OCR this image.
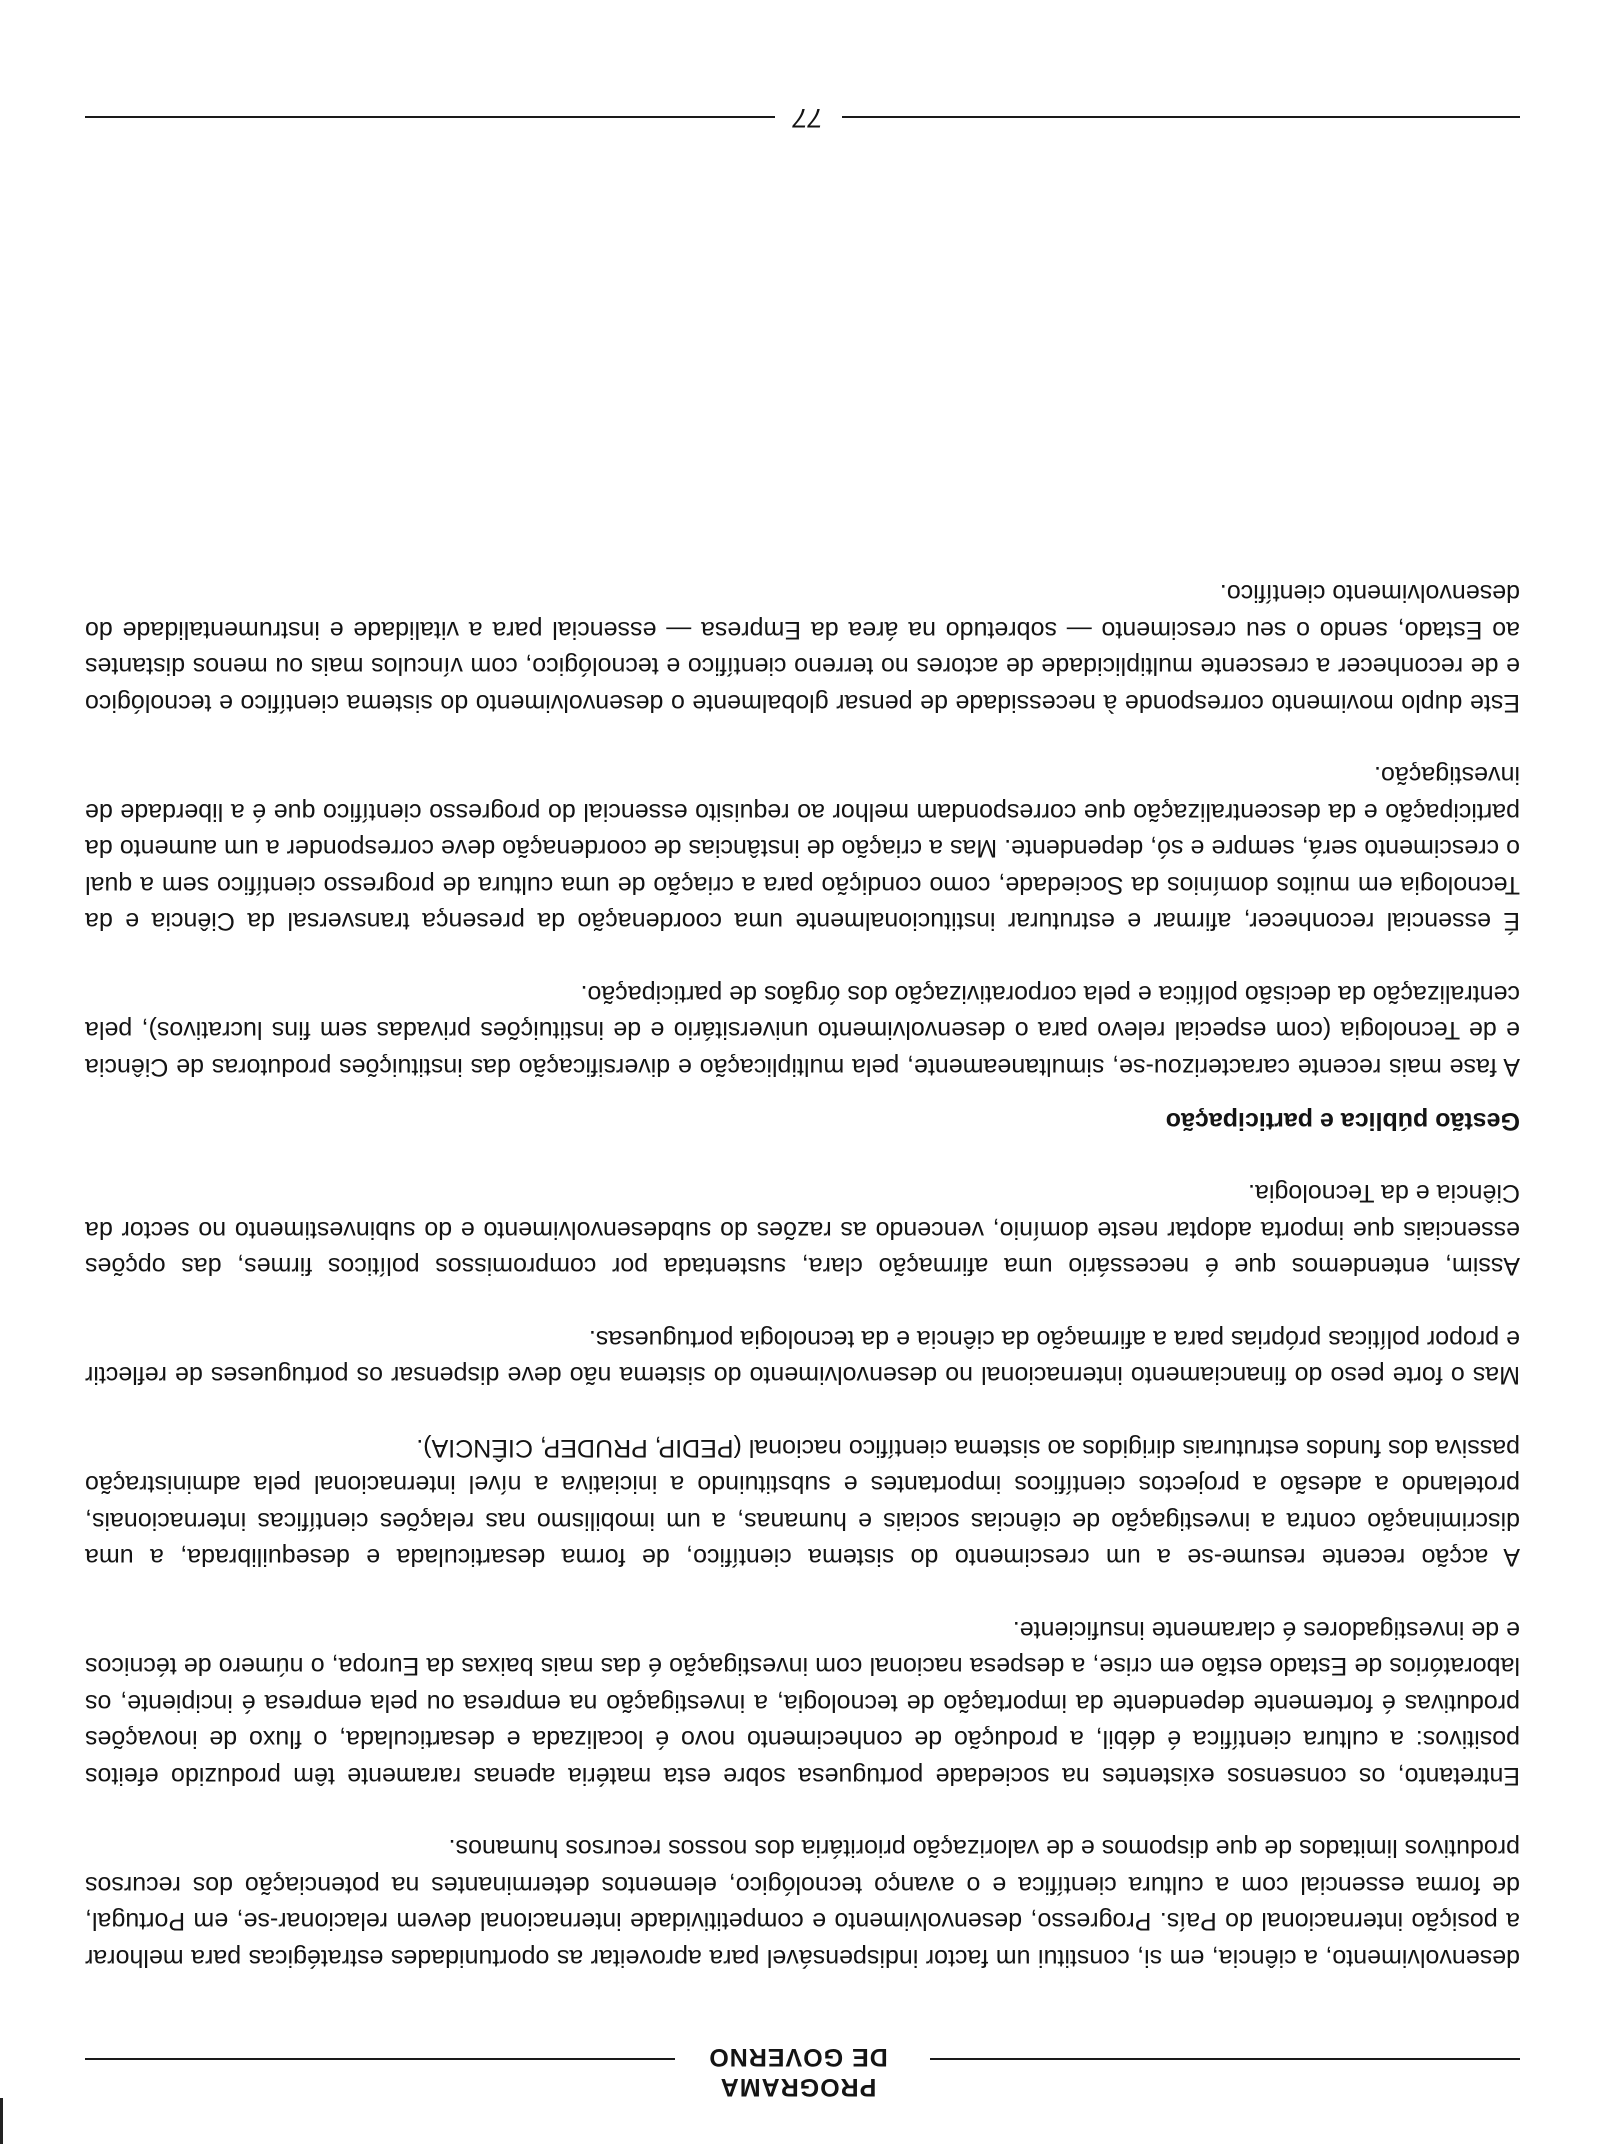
PROGRAMA
DE GOVERNO

desenvolvimento, a ciência, em si, constitui um factor indispensável para aproveitar as oportunidades estratégicas para melhorar a posição internacional do País. Progresso, desenvolvimento e competitividade internacional devem relacionar-se, em Portugal, de forma essencial com a cultura científica e o avanço tecnológico, elementos determinantes na potenciação dos recursos produtivos limitados de que dispomos e de valorização prioritária dos nossos recursos humanos.

Entretanto, os consensos existentes na sociedade portuguesa sobre esta matéria apenas raramente têm produzido efeitos positivos: a cultura científica é débil, a produção de conhecimento novo é localizada e desarticulada, o fluxo de inovações produtivas é fortemente dependente da importação de tecnologia, a investigação na empresa ou pela empresa é incipiente, os laboratórios de Estado estão em crise, a despesa nacional com investigação é das mais baixas da Europa, o número de técnicos e de investigadores é claramente insuficiente.

A acção recente resume-se a um crescimento do sistema científico, de forma desarticulada e desequilibrada, a uma discriminação contra a investigação de ciências sociais e humanas, a um imobilismo nas relações científicas internacionais, protelando a adesão a projectos científicos importantes e substituindo a iniciativa a nível internacional pela administração passiva dos fundos estruturais dirigidos ao sistema científico nacional (PEDIP, PRUDEP, CIÊNCIA).

Mas o forte peso do financiamento internacional no desenvolvimento do sistema não deve dispensar os portugueses de reflectir e propor políticas próprias para a afirmação da ciência e da tecnologia portuguesas.

Assim, entendemos que é necessário uma afirmação clara, sustentada por compromissos políticos firmes, das opções essenciais que importa adoptar neste domínio, vencendo as razões do subdesenvolvimento e do subinvestimento no sector da Ciência e da Tecnologia.

Gestão pública e participação

A fase mais recente caracterizou-se, simultaneamente, pela multiplicação e diversificação das instituições produtoras de Ciência e de Tecnologia (com especial relevo para o desenvolvimento universitário e de instituições privadas sem fins lucrativos), pela centralização da decisão política e pela corporativização dos órgãos de participação.

É essencial reconhecer, afirmar e estruturar institucionalmente uma coordenação da presença transversal da Ciência e da Tecnologia em muitos domínios da Sociedade, como condição para a criação de uma cultura de progresso científico sem a qual o crescimento será, sempre e só, dependente. Mas a criação de instâncias de coordenação deve corresponder a um aumento da participação e da descentralização que correspondam melhor ao requisito essencial do progresso científico que é a liberdade de investigação.

Este duplo movimento corresponde à necessidade de pensar globalmente o desenvolvimento do sistema científico e tecnológico e de reconhecer a crescente multiplicidade de actores no terreno científico e tecnológico, com vínculos mais ou menos distantes ao Estado, sendo o seu crescimento — sobretudo na área da Empresa — essencial para a vitalidade e instrumentalidade do desenvolvimento científico.

77
